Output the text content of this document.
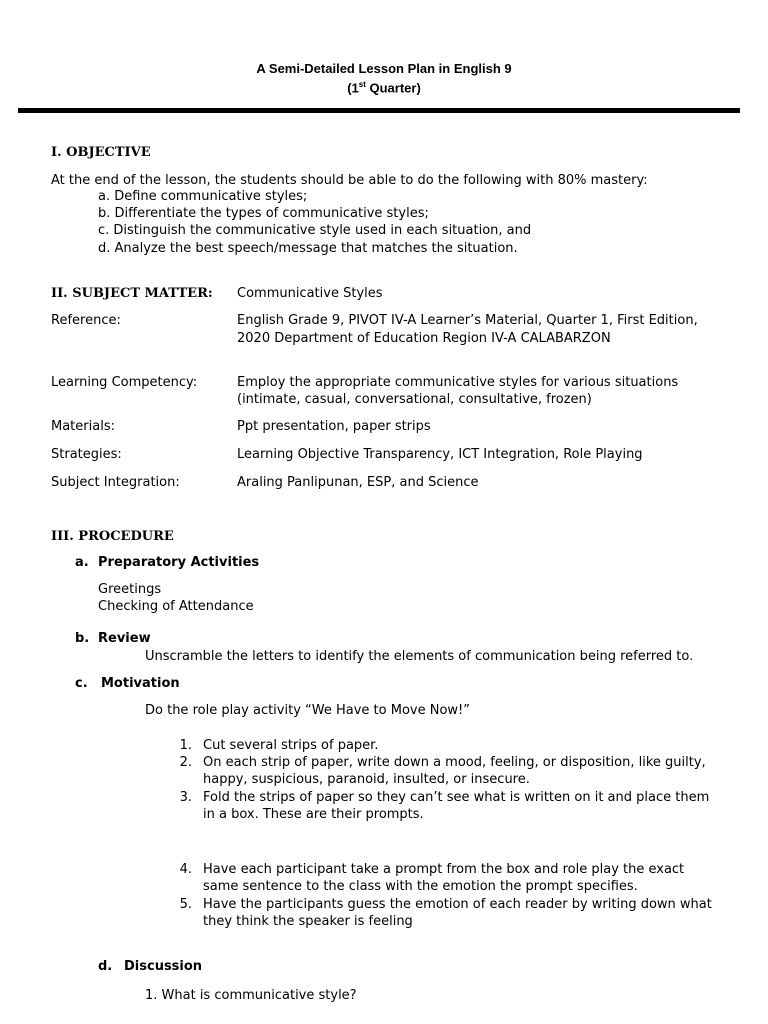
A Semi-Detailed Lesson Plan in English 9
(1st Quarter)
I. OBJECTIVE
At the end of the lesson, the students should be able to do the following with 80% mastery:
a. Define communicative styles;
b. Differentiate the types of communicative styles;
c. Distinguish the communicative style used in each situation, and
d. Analyze the best speech/message that matches the situation.
II. SUBJECT MATTER: Communicative Styles
Reference:	English Grade 9, PIVOT IV-A Learner’s Material, Quarter 1, First Edition,
2020 Department of Education Region IV-A CALABARZON
Learning Competency:	Employ the appropriate communicative styles for various situations
(intimate, casual, conversational, consultative, frozen)
Materials:	Ppt presentation, paper strips
Strategies:	Learning Objective Transparency, ICT Integration, Role Playing
Subject Integration:	Araling Panlipunan, ESP, and Science
III. PROCEDURE
a. Preparatory Activities
Greetings
Checking of Attendance
b. Review
Unscramble the letters to identify the elements of communication being referred to.
c. Motivation
Do the role play activity “We Have to Move Now!”
1. Cut several strips of paper.
2. On each strip of paper, write down a mood, feeling, or disposition, like guilty,
happy, suspicious, paranoid, insulted, or insecure.
3. Fold the strips of paper so they can’t see what is written on it and place them
in a box. These are their prompts.
4. Have each participant take a prompt from the box and role play the exact
same sentence to the class with the emotion the prompt specifies.
5. Have the participants guess the emotion of each reader by writing down what
they think the speaker is feeling
d. Discussion
1. What is communicative style?
